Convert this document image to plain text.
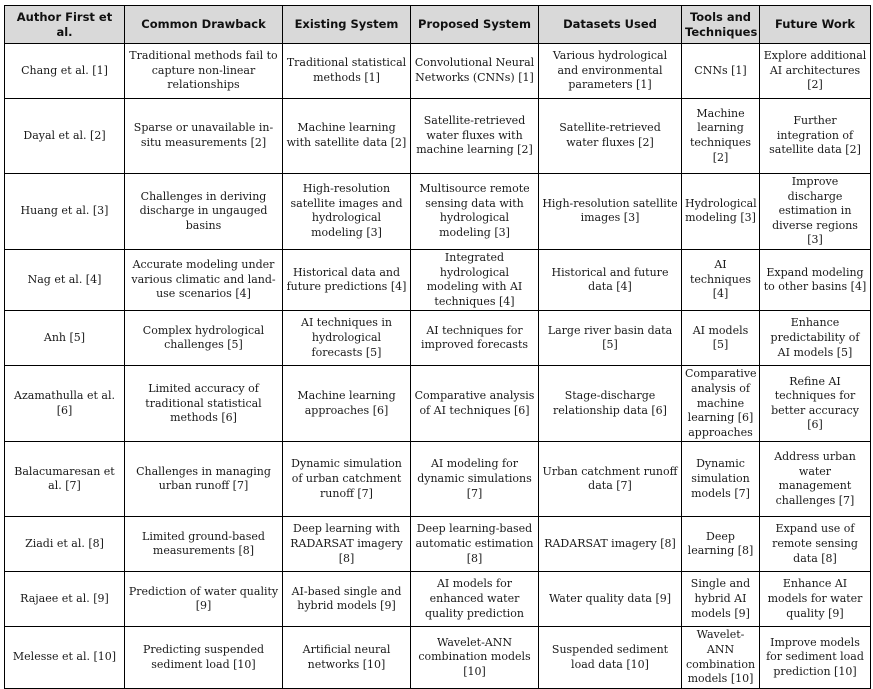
Author First et al.	Common Drawback	Existing System	Proposed System	Datasets Used	Tools and Techniques	Future Work
Chang et al. [1]	Traditional methods fail to capture non-linear relationships	Traditional statistical methods [1]	Convolutional Neural Networks (CNNs) [1]	Various hydrological and environmental parameters [1]	CNNs [1]	Explore additional AI architectures [2]
Dayal et al. [2]	Sparse or unavailable in-situ measurements [2]	Machine learning with satellite data [2]	Satellite-retrieved water fluxes with machine learning [2]	Satellite-retrieved water fluxes [2]	Machine learning techniques [2]	Further integration of satellite data [2]
Huang et al. [3]	Challenges in deriving discharge in ungauged basins	High-resolution satellite images and hydrological modeling [3]	Multisource remote sensing data with hydrological modeling [3]	High-resolution satellite images [3]	Hydrological modeling [3]	Improve discharge estimation in diverse regions [3]
Nag et al. [4]	Accurate modeling under various climatic and land-use scenarios [4]	Historical data and future predictions [4]	Integrated hydrological modeling with AI techniques [4]	Historical and future data [4]	AI techniques [4]	Expand modeling to other basins [4]
Anh [5]	Complex hydrological challenges [5]	AI techniques in hydrological forecasts [5]	AI techniques for improved forecasts	Large river basin data [5]	AI models [5]	Enhance predictability of AI models [5]
Azamathulla et al. [6]	Limited accuracy of traditional statistical methods [6]	Machine learning approaches [6]	Comparative analysis of AI techniques [6]	Stage-discharge relationship data [6]	Comparative analysis of machine learning [6] approaches	Refine AI techniques for better accuracy [6]
Balacumaresan et al. [7]	Challenges in managing urban runoff [7]	Dynamic simulation of urban catchment runoff [7]	AI modeling for dynamic simulations [7]	Urban catchment runoff data [7]	Dynamic simulation models [7]	Address urban water management challenges [7]
Ziadi et al. [8]	Limited ground-based measurements [8]	Deep learning with RADARSAT imagery [8]	Deep learning-based automatic estimation [8]	RADARSAT imagery [8]	Deep learning [8]	Expand use of remote sensing data [8]
Rajaee et al. [9]	Prediction of water quality [9]	AI-based single and hybrid models [9]	AI models for enhanced water quality prediction	Water quality data [9]	Single and hybrid AI models [9]	Enhance AI models for water quality [9]
Melesse et al. [10]	Predicting suspended sediment load [10]	Artificial neural networks [10]	Wavelet-ANN combination models [10]	Suspended sediment load data [10]	Wavelet-ANN combination models [10]	Improve models for sediment load prediction [10]
